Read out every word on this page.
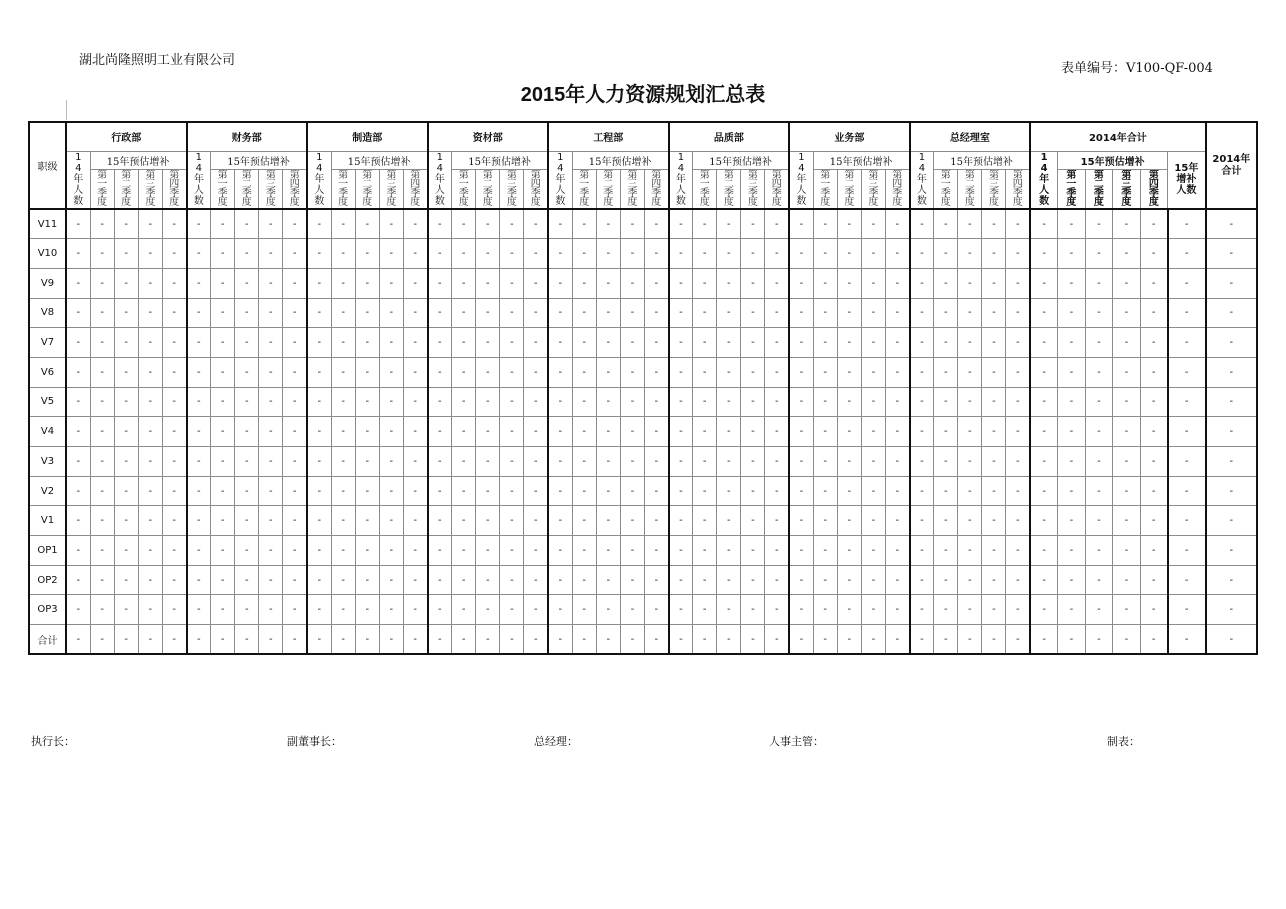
湖北尚隆照明工业有限公司
表单编号：V100-QF-004
2015年人力资源规划汇总表
职级	行政部					财务部					制造部					资材部					工程部					品质部					业务部					总经理室					2014年合计						2014年合计
	14年人数	15年预估增补				14年人数	15年预估增补				14年人数	15年预估增补				14年人数	15年预估增补				14年人数	15年预估增补				14年人数	15年预估增补				14年人数	15年预估增补				14年人数	15年预估增补				14年人数	15年预估增补				15年增补人数	
		第一季度	第二季度	第三季度	第四季度		第一季度	第二季度	第三季度	第四季度		第一季度	第二季度	第三季度	第四季度		第一季度	第二季度	第三季度	第四季度		第一季度	第二季度	第三季度	第四季度		第一季度	第二季度	第三季度	第四季度		第一季度	第二季度	第三季度	第四季度		第一季度	第二季度	第三季度	第四季度		第一季度	第二季度	第三季度	第四季度		
V11	-	-	-	-	-	-	-	-	-	-	-	-	-	-	-	-	-	-	-	-	-	-	-	-	-	-	-	-	-	-	-	-	-	-	-	-	-	-	-	-	-	-	-	-	-	-	-
V10	-	-	-	-	-	-	-	-	-	-	-	-	-	-	-	-	-	-	-	-	-	-	-	-	-	-	-	-	-	-	-	-	-	-	-	-	-	-	-	-	-	-	-	-	-	-	-
V9	-	-	-	-	-	-	-	-	-	-	-	-	-	-	-	-	-	-	-	-	-	-	-	-	-	-	-	-	-	-	-	-	-	-	-	-	-	-	-	-	-	-	-	-	-	-	-
V8	-	-	-	-	-	-	-	-	-	-	-	-	-	-	-	-	-	-	-	-	-	-	-	-	-	-	-	-	-	-	-	-	-	-	-	-	-	-	-	-	-	-	-	-	-	-	-
V7	-	-	-	-	-	-	-	-	-	-	-	-	-	-	-	-	-	-	-	-	-	-	-	-	-	-	-	-	-	-	-	-	-	-	-	-	-	-	-	-	-	-	-	-	-	-	-
V6	-	-	-	-	-	-	-	-	-	-	-	-	-	-	-	-	-	-	-	-	-	-	-	-	-	-	-	-	-	-	-	-	-	-	-	-	-	-	-	-	-	-	-	-	-	-	-
V5	-	-	-	-	-	-	-	-	-	-	-	-	-	-	-	-	-	-	-	-	-	-	-	-	-	-	-	-	-	-	-	-	-	-	-	-	-	-	-	-	-	-	-	-	-	-	-
V4	-	-	-	-	-	-	-	-	-	-	-	-	-	-	-	-	-	-	-	-	-	-	-	-	-	-	-	-	-	-	-	-	-	-	-	-	-	-	-	-	-	-	-	-	-	-	-
V3	-	-	-	-	-	-	-	-	-	-	-	-	-	-	-	-	-	-	-	-	-	-	-	-	-	-	-	-	-	-	-	-	-	-	-	-	-	-	-	-	-	-	-	-	-	-	-
V2	-	-	-	-	-	-	-	-	-	-	-	-	-	-	-	-	-	-	-	-	-	-	-	-	-	-	-	-	-	-	-	-	-	-	-	-	-	-	-	-	-	-	-	-	-	-	-
V1	-	-	-	-	-	-	-	-	-	-	-	-	-	-	-	-	-	-	-	-	-	-	-	-	-	-	-	-	-	-	-	-	-	-	-	-	-	-	-	-	-	-	-	-	-	-	-
OP1	-	-	-	-	-	-	-	-	-	-	-	-	-	-	-	-	-	-	-	-	-	-	-	-	-	-	-	-	-	-	-	-	-	-	-	-	-	-	-	-	-	-	-	-	-	-	-
OP2	-	-	-	-	-	-	-	-	-	-	-	-	-	-	-	-	-	-	-	-	-	-	-	-	-	-	-	-	-	-	-	-	-	-	-	-	-	-	-	-	-	-	-	-	-	-	-
OP3	-	-	-	-	-	-	-	-	-	-	-	-	-	-	-	-	-	-	-	-	-	-	-	-	-	-	-	-	-	-	-	-	-	-	-	-	-	-	-	-	-	-	-	-	-	-	-
合计	-	-	-	-	-	-	-	-	-	-	-	-	-	-	-	-	-	-	-	-	-	-	-	-	-	-	-	-	-	-	-	-	-	-	-	-	-	-	-	-	-	-	-	-	-	-	-
执行长：	副董事长：	总经理：	人事主管：	制表：
